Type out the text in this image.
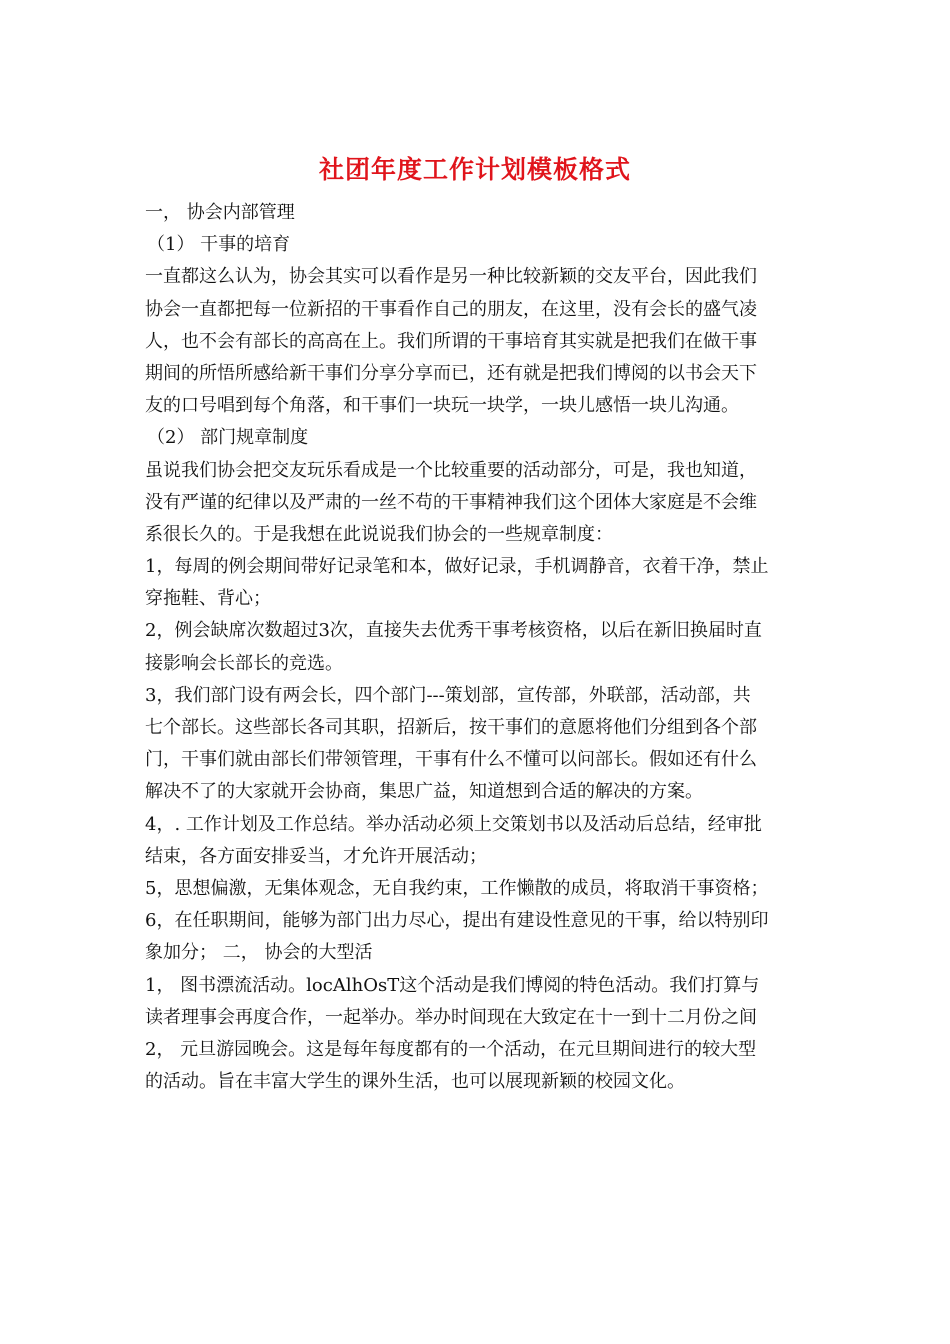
社团年度工作计划模板格式
一， 协会内部管理
（1） 干事的培育
一直都这么认为，协会其实可以看作是另一种比较新颖的交友平台，因此我们
协会一直都把每一位新招的干事看作自己的朋友，在这里，没有会长的盛气凌
人，也不会有部长的高高在上。我们所谓的干事培育其实就是把我们在做干事
期间的所悟所感给新干事们分享分享而已，还有就是把我们博阅的以书会天下
友的口号唱到每个角落，和干事们一块玩一块学，一块儿感悟一块儿沟通。
（2） 部门规章制度
虽说我们协会把交友玩乐看成是一个比较重要的活动部分，可是，我也知道，
没有严谨的纪律以及严肃的一丝不苟的干事精神我们这个团体大家庭是不会维
系很长久的。于是我想在此说说我们协会的一些规章制度：
1，每周的例会期间带好记录笔和本，做好记录，手机调静音，衣着干净，禁止
穿拖鞋、背心；
2，例会缺席次数超过3次，直接失去优秀干事考核资格，以后在新旧换届时直
接影响会长部长的竞选。
3，我们部门设有两会长，四个部门---策划部，宣传部，外联部，活动部，共
七个部长。这些部长各司其职，招新后，按干事们的意愿将他们分组到各个部
门，干事们就由部长们带领管理，干事有什么不懂可以问部长。假如还有什么
解决不了的大家就开会协商，集思广益，知道想到合适的解决的方案。
4，. 工作计划及工作总结。举办活动必须上交策划书以及活动后总结，经审批
结束，各方面安排妥当，才允许开展活动；
5，思想偏激，无集体观念，无自我约束，工作懒散的成员，将取消干事资格；
6，在任职期间，能够为部门出力尽心，提出有建设性意见的干事，给以特别印
象加分； 二， 协会的大型活
1， 图书漂流活动。locAlhOsT这个活动是我们博阅的特色活动。我们打算与
读者理事会再度合作，一起举办。举办时间现在大致定在十一到十二月份之间
2， 元旦游园晚会。这是每年每度都有的一个活动，在元旦期间进行的较大型
的活动。旨在丰富大学生的课外生活，也可以展现新颖的校园文化。
